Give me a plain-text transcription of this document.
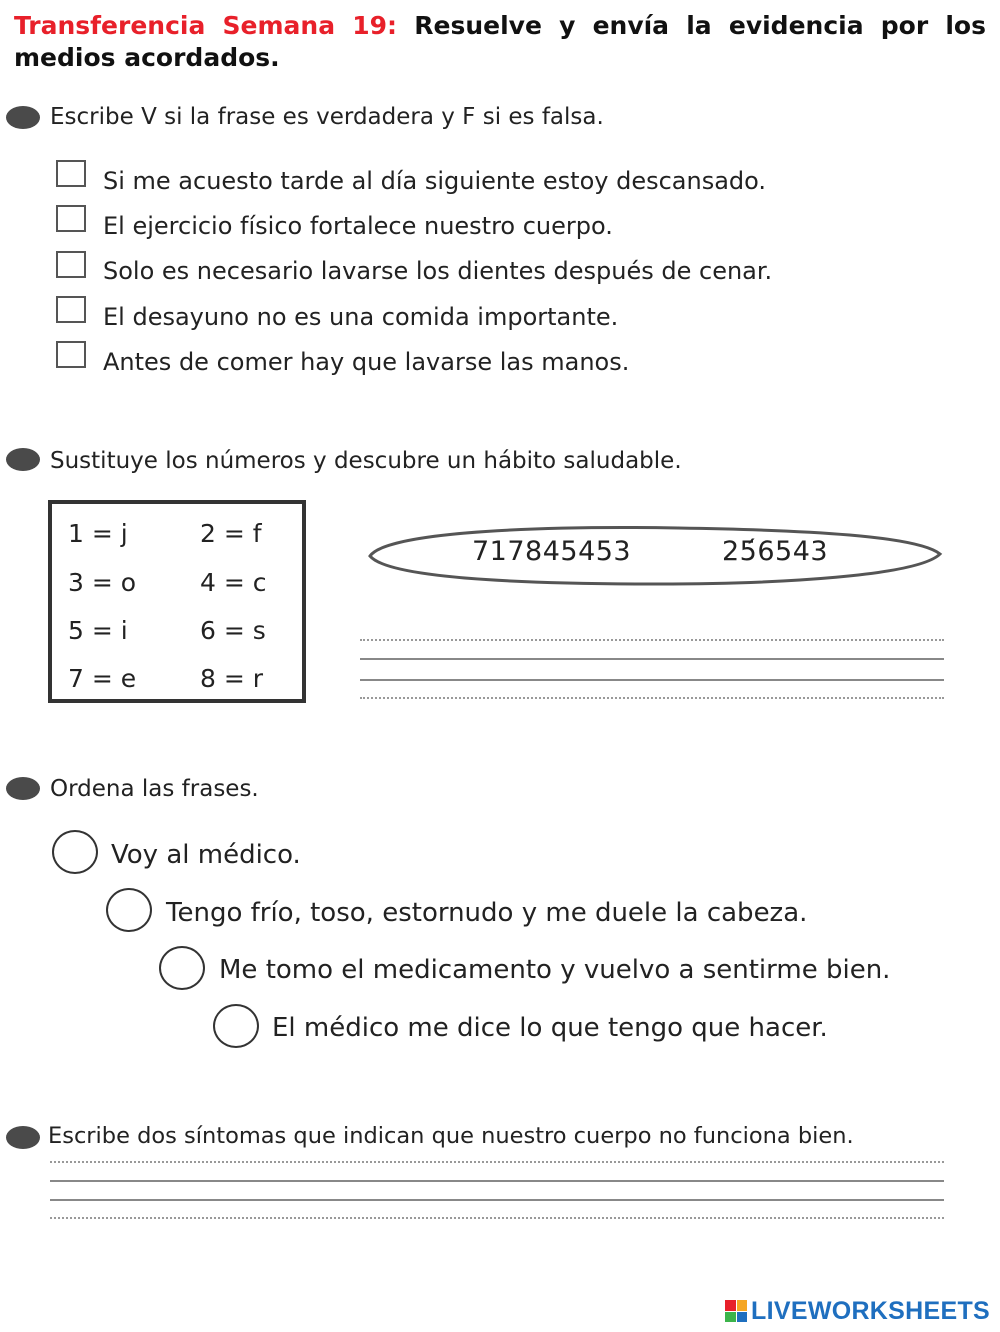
Transferencia Semana 19: Resuelve y envía la evidencia por los medios acordados.
Escribe V si la frase es verdadera y F si es falsa.
Si me acuesto tarde al día siguiente estoy descansado.
El ejercicio físico fortalece nuestro cuerpo.
Solo es necesario lavarse los dientes después de cenar.
El desayuno no es una comida importante.
Antes de comer hay que lavarse las manos.
Sustituye los números y descubre un hábito saludable.
1 = j	2 = f
3 = o	4 = c
5 = i	6 = s
7 = e	8 = r
717845453	25́6543
Ordena las frases.
Voy al médico.
Tengo frío, toso, estornudo y me duele la cabeza.
Me tomo el medicamento y vuelvo a sentirme bien.
El médico me dice lo que tengo que hacer.
Escribe dos síntomas que indican que nuestro cuerpo no funciona bien.
LIVEWORKSHEETS
